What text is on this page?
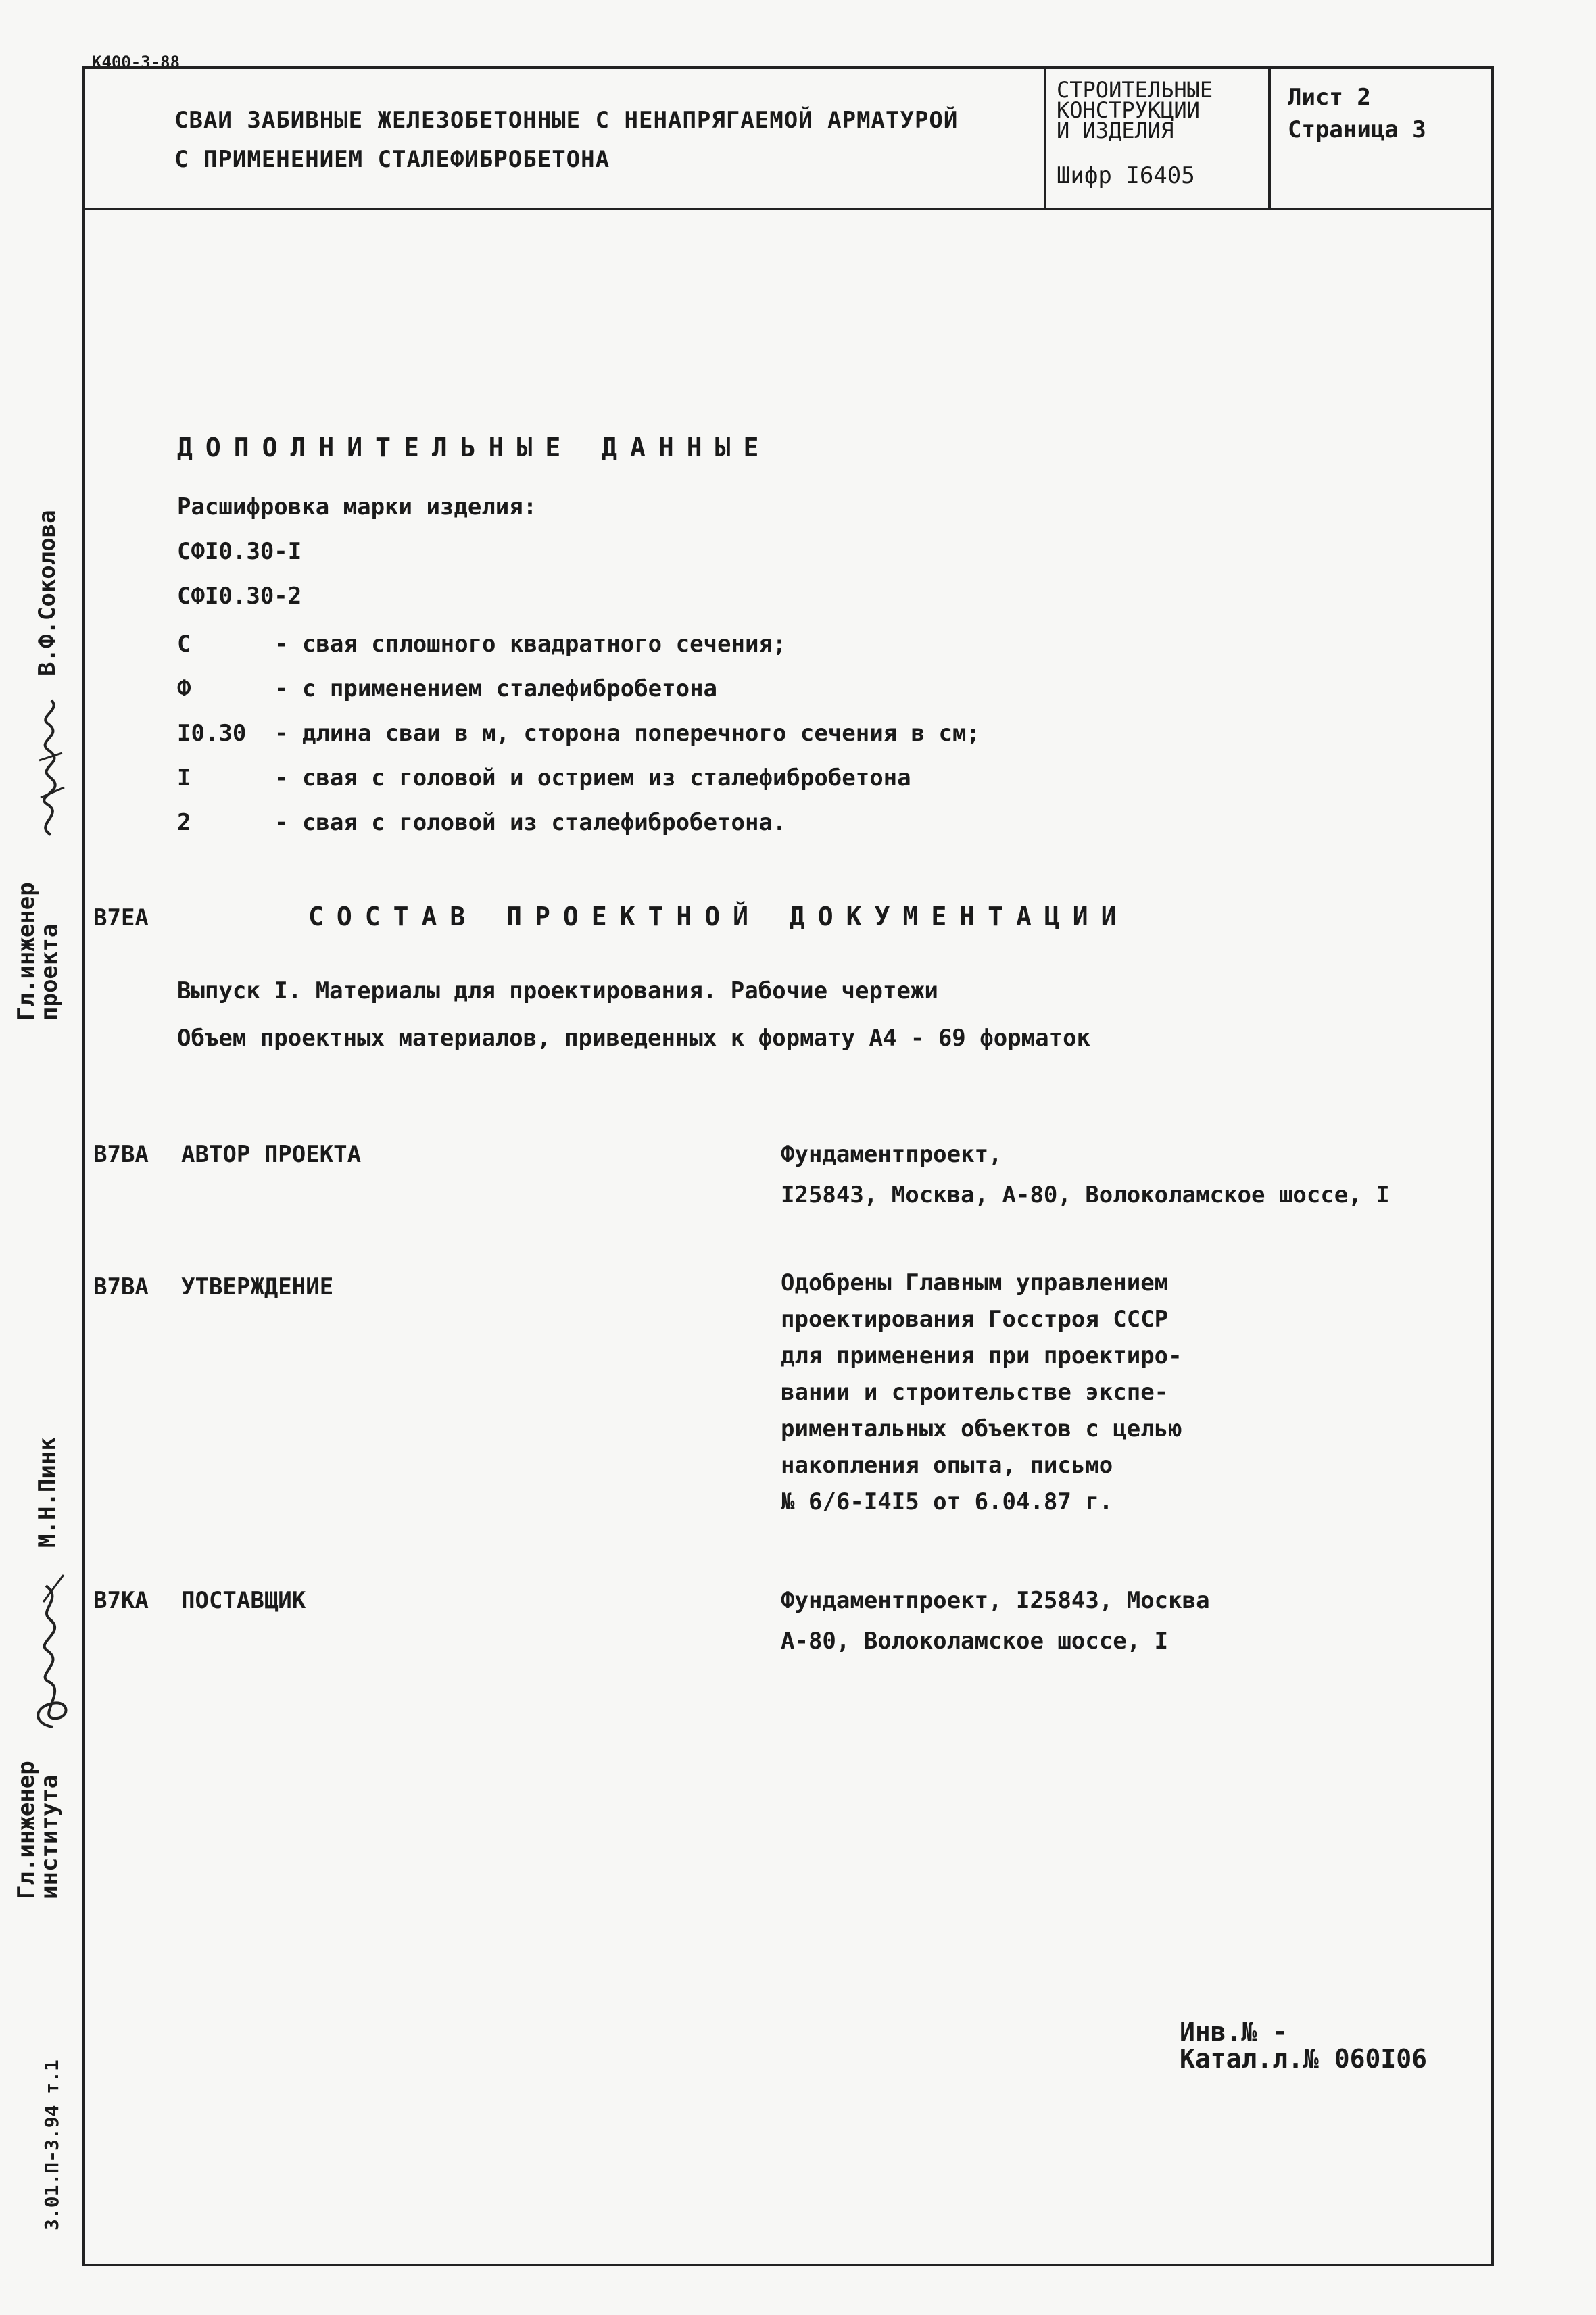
К400-3-88
СВАИ ЗАБИВНЫЕ ЖЕЛЕЗОБЕТОННЫЕ С НЕНАПРЯГАЕМОЙ АРМАТУРОЙ
С ПРИМЕНЕНИЕМ СТАЛЕФИБРОБЕТОНА
СТРОИТЕЛЬНЫЕ
КОНСТРУКЦИИ
И ИЗДЕЛИЯ
Шифр I6405
Лист 2
Страница 3
ДОПОЛНИТЕЛЬНЫЕ ДАННЫЕ
Расшифровка марки изделия:
СФI0.30-I
СФI0.30-2
С	- свая сплошного квадратного сечения;
Ф	- с применением сталефибробетона
I0.30 - длина сваи в м, сторона поперечного сечения в см;
I	- свая с головой и острием из сталефибробетона
2	- свая с головой из сталефибробетона.
В7ЕА	СОСТАВ ПРОЕКТНОЙ ДОКУМЕНТАЦИИ
Выпуск I. Материалы для проектирования. Рабочие чертежи
Объем проектных материалов, приведенных к формату А4 - 69 форматок
В7ВА АВТОР ПРОЕКТА	Фундаментпроект,
I25843, Москва, А-80, Волоколамское шоссе, I
В7ВА УТВЕРЖДЕНИЕ	Одобрены Главным управлением
проектирования Госстроя СССР
для применения при проектиро-
вании и строительстве экспе-
риментальных объектов с целью
накопления опыта, письмо
№ 6/6-I4I5 от 6.04.87 г.
В7КА ПОСТАВЩИК	Фундаментпроект, I25843, Москва
А-80, Волоколамское шоссе, I
Инв.№ -
Катал.л.№ 060I06
В.Ф.Соколова
Гл.инженер
проекта
М.Н.Пинк
Гл.инженер
института
3.01.П-3.94 т.1
